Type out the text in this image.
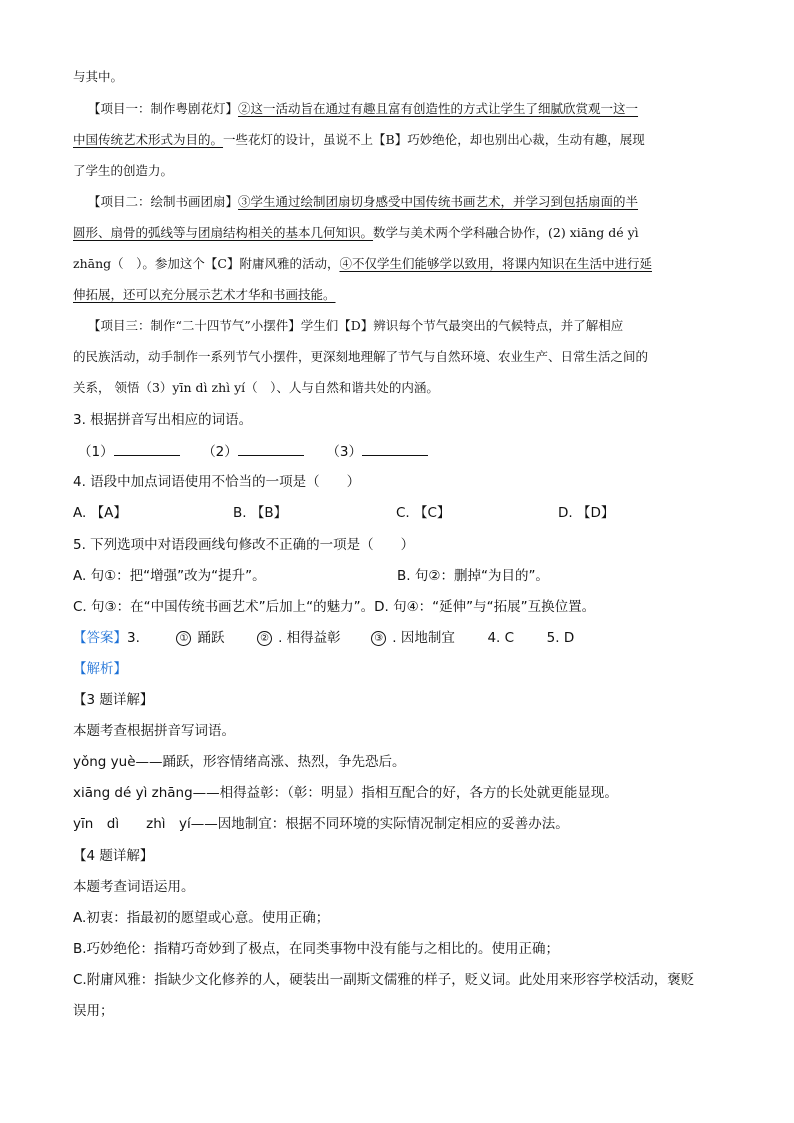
与其中。
【项目一：制作粤剧花灯】②这一活动旨在通过有趣且富有创造性的方式让学生了细腻欣赏观一这一
中国传统艺术形式为目的。一些花灯的设计，虽说不上【B】巧妙绝伦，却也别出心裁，生动有趣，展现
了学生的创造力。
【项目二：绘制书画团扇】③学生通过绘制团扇切身感受中国传统书画艺术，并学习到包括扇面的半
圆形、扇骨的弧线等与团扇结构相关的基本几何知识。数学与美术两个学科融合协作，(2) xiāng dé yì
zhāng（　）。参加这个【C】附庸风雅的活动，④不仅学生们能够学以致用，将课内知识在生活中进行延
伸拓展，还可以充分展示艺术才华和书画技能。
【项目三：制作“二十四节气”小摆件】学生们【D】辨识每个节气最突出的气候特点，并了解相应
的民族活动，动手制作一系列节气小摆件，更深刻地理解了节气与自然环境、农业生产、日常生活之间的
关系， 领悟（3）yīn dì zhì yí（　）、人与自然和谐共处的内涵。
3. 根据拼音写出相应的词语。
（1）	（2）	（3）
4. 语段中加点词语使用不恰当的一项是（　　）
A. 【A】	B. 【B】	C. 【C】	D. 【D】
5. 下列选项中对语段画线句修改不正确的一项是（　　）
A. 句①：把“增强”改为“提升”。	B. 句②：删掉“为目的”。
C. 句③：在“中国传统书画艺术”后加上“的魅力”。D. 句④：“延伸”与“拓展”互换位置。
【答案】3.	① 踊跃	② . 相得益彰	③ . 因地制宜 4. C 5. D
【解析】
【3 题详解】
本题考查根据拼音写词语。
yǒng yuè——踊跃，形容情绪高涨、热烈，争先恐后。
xiāng dé yì zhāng——相得益彰：（彰：明显）指相互配合的好，各方的长处就更能显现。
yīn　dì　　zhì　yí——因地制宜：根据不同环境的实际情况制定相应的妥善办法。
【4 题详解】
本题考查词语运用。
A.初衷：指最初的愿望或心意。使用正确；
B.巧妙绝伦：指精巧奇妙到了极点，在同类事物中没有能与之相比的。使用正确；
C.附庸风雅：指缺少文化修养的人，硬装出一副斯文儒雅的样子，贬义词。此处用来形容学校活动，褒贬
误用；
